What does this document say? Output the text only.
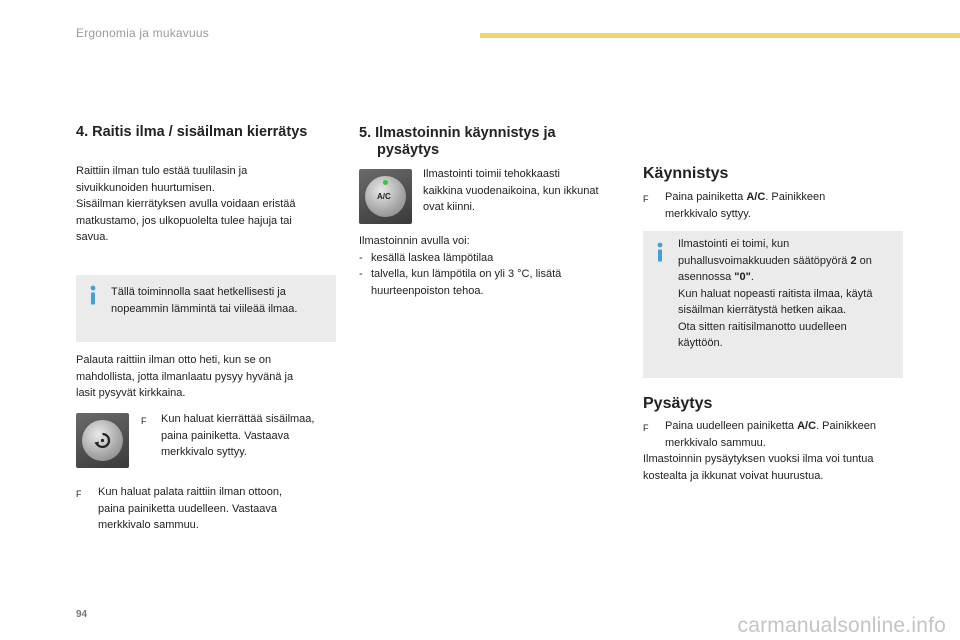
Ergonomia ja mukavuus
4. Raitis ilma / sisäilman kierrätys
Raittiin ilman tulo estää tuulilasin ja
sivuikkunoiden huurtumisen.
Sisäilman kierrätyksen avulla voidaan eristää
matkustamo, jos ulkopuolelta tulee hajuja tai
savua.
Tällä toiminnolla saat hetkellisesti ja
nopeammin lämmintä tai viileää ilmaa.
Palauta raittiin ilman otto heti, kun se on
mahdollista, jotta ilmanlaatu pysyy hyvänä ja
lasit pysyvät kirkkaina.
F	Kun haluat kierrättää sisäilmaa,
paina painiketta. Vastaava
merkkivalo syttyy.
F	Kun haluat palata raittiin ilman ottoon,
paina painiketta uudelleen. Vastaava
merkkivalo sammuu.
5. Ilmastoinnin käynnistys ja
pysäytys
A/C
Ilmastointi toimii tehokkaasti
kaikkina vuodenaikoina, kun ikkunat
ovat kiinni.
Ilmastoinnin avulla voi:
- kesällä laskea lämpötilaa
- talvella, kun lämpötila on yli 3 °C, lisätä
huurteenpoiston tehoa.
Käynnistys
F	Paina painiketta A/C. Painikkeen
merkkivalo syttyy.
Ilmastointi ei toimi, kun
puhallusvoimakkuuden säätöpyörä 2 on
asennossa "0".
Kun haluat nopeasti raitista ilmaa, käytä
sisäilman kierrätystä hetken aikaa.
Ota sitten raitisilmanotto uudelleen
käyttöön.
Pysäytys
F	Paina uudelleen painiketta A/C. Painikkeen
merkkivalo sammuu.
Ilmastoinnin pysäytyksen vuoksi ilma voi tuntua
kostealta ja ikkunat voivat huurustua.
94	carmanualsonline.info
